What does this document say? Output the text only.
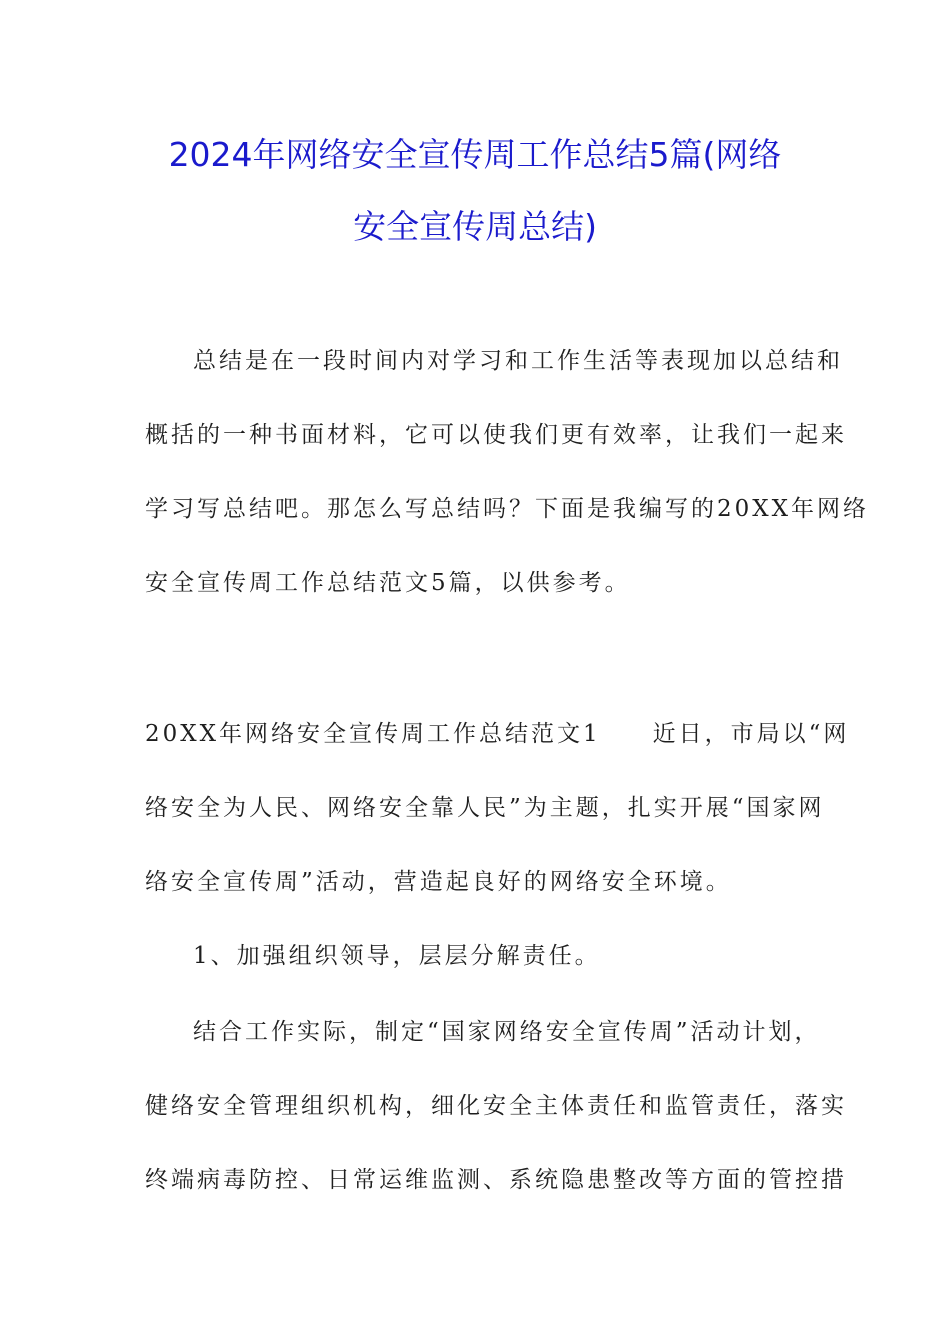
2024年网络安全宣传周工作总结5篇(网络
安全宣传周总结)
总结是在一段时间内对学习和工作生活等表现加以总结和
概括的一种书面材料，它可以使我们更有效率，让我们一起来
学习写总结吧。那怎么写总结吗？下面是我编写的20XX年网络
安全宣传周工作总结范文5篇，以供参考。
20XX年网络安全宣传周工作总结范文1　　近日，市局以“网
络安全为人民、网络安全靠人民”为主题，扎实开展“国家网
络安全宣传周”活动，营造起良好的网络安全环境。
1、加强组织领导，层层分解责任。
结合工作实际，制定“国家网络安全宣传周”活动计划，
健络安全管理组织机构，细化安全主体责任和监管责任，落实
终端病毒防控、日常运维监测、系统隐患整改等方面的管控措
